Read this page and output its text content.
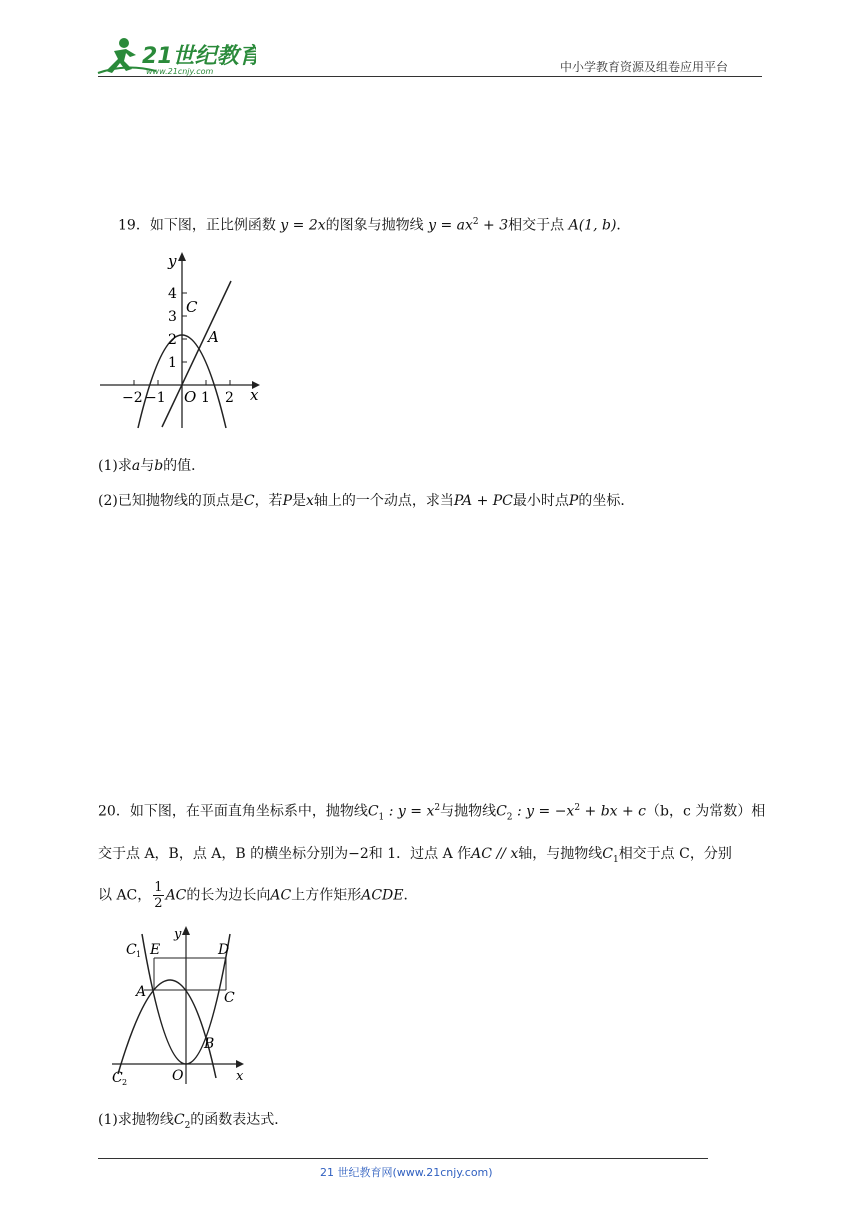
21世纪教育
www.21cnjy.com	中小学教育资源及组卷应用平台
19．如下图，正比例函数 y = 2x的图象与抛物线 $y = ax^2 + 3$相交于点 A(1, b)．
y
x
O
4
3
2
1
−2 −1	1 2
C
A
(1)求a与b的值．
(2)已知抛物线的顶点是C，若P是x轴上的一个动点，求当PA + PC最小时点P的坐标．
20．如下图，在平面直角坐标系中，抛物线$C_1$ : $y = x^2$与抛物线$C_2$ : $y = -x^2$ + bx + c（b，c 为常数）相
交于点 A，B，点 A，B 的横坐标分别为−2和 1．过点 A 作AC // x轴，与抛物线$C_1$相交于点 C，分别
以 AC， $\frac{1}{2}$ AC的长为边长向AC上方作矩形ACDE．
C 1 E	D
A	C
B
O	x
y
C 2
(1)求抛物线$C_2$的函数表达式．
21 世纪教育网(www.21cnjy.com)
